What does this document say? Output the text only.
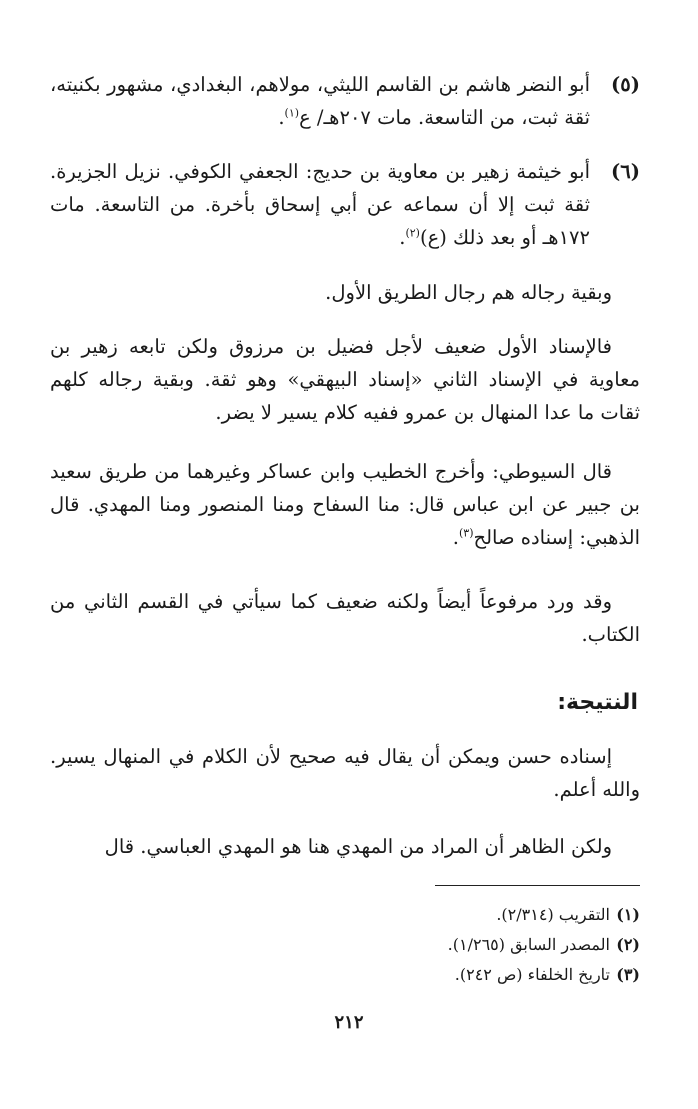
(٥)
أبو النضر هاشم بن القاسم الليثي، مولاهم، البغدادي، مشهور بكنيته، ثقة ثبت، من التاسعة. مات ٢٠٧هـ/ ع$^{(١)}$.
(٦)
أبو خيثمة زهير بن معاوية بن حديج: الجعفي الكوفي. نزيل الجزيرة. ثقة ثبت إلا أن سماعه عن أبي إسحاق بأخرة. من التاسعة. مات ١٧٢هـ أو بعد ذلك (ع)$^{(٢)}$.
وبقية رجاله هم رجال الطريق الأول.
فالإسناد الأول ضعيف لأجل فضيل بن مرزوق ولكن تابعه زهير بن معاوية في الإسناد الثاني «إسناد البيهقي» وهو ثقة. وبقية رجاله كلهم ثقات ما عدا المنهال بن عمرو ففيه كلام يسير لا يضر.
قال السيوطي: وأخرج الخطيب وابن عساكر وغيرهما من طريق سعيد بن جبير عن ابن عباس قال: منا السفاح ومنا المنصور ومنا المهدي. قال الذهبي: إسناده صالح$^{(٣)}$.
وقد ورد مرفوعاً أيضاً ولكنه ضعيف كما سيأتي في القسم الثاني من الكتاب.
النتيجة:
إسناده حسن ويمكن أن يقال فيه صحيح لأن الكلام في المنهال يسير. والله أعلم.
ولكن الظاهر أن المراد من المهدي هنا هو المهدي العباسي. قال
(١)التقريب (٢/٣١٤).
(٢)المصدر السابق (١/٢٦٥).
(٣)تاريخ الخلفاء (ص ٢٤٢).
٢١٢
